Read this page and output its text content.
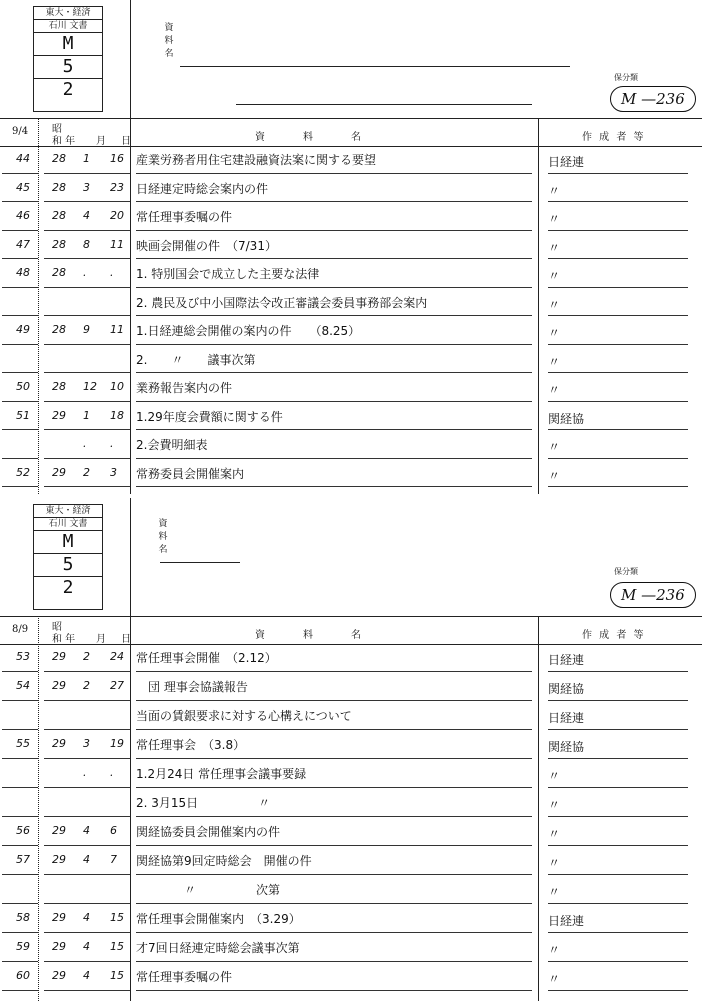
東大・経済
石川 文書
M
5
2
資
料
名
保分類
M —236
9/4 昭
和 年 月 日	資　　料　　名	作 成 者 等
44 28 1 16 産業労務者用住宅建設融資法案に関する要望	日経連
45 28 3 23 日経連定時総会案内の件	〃
46 28 4 20 常任理事委嘱の件	〃
47 28 8 11 映画会開催の件　（7/31）	〃
48 28 . . 1. 特別国会で成立した主要な法律	〃
2. 農民及び中小国際法令改正審議会委員事務部会案内	〃
49 28 9 11 1.日経連総会開催の案内の件　　（8.25）	〃
2.　　〃　　議事次第	〃
50 28 12 10 業務報告案内の件	〃
51 29 1 18 1.29年度会費額に関する件	関経協
. . 2.会費明細表	〃
52 29 2 3 常務委員会開催案内	〃
東大・経済
石川 文書
M
5
2
資
料
名
保分類
M —236
8/9 昭
和 年 月 日	資　　料　　名	作 成 者 等
53 29 2 24 常任理事会開催　（2.12）	日経連
54 29 2 27 　団 理事会協議報告	関経協
当面の賃銀要求に対する心構えについて	日経連
55 29 3 19 常任理事会　（3.8）	関経協
. . 1.2月24日 常任理事会議事要録	〃
2. 3月15日　　　　　〃	〃
56 29 4 6 関経協委員会開催案内の件	〃
57 29 4 7 関経協第9回定時総会　開催の件	〃
　　　　〃　　　　　次第	〃
58 29 4 15 常任理事会開催案内　（3.29）	日経連
59 29 4 15 才7回日経連定時総会議事次第	〃
60 29 4 15 常任理事委嘱の件	〃
